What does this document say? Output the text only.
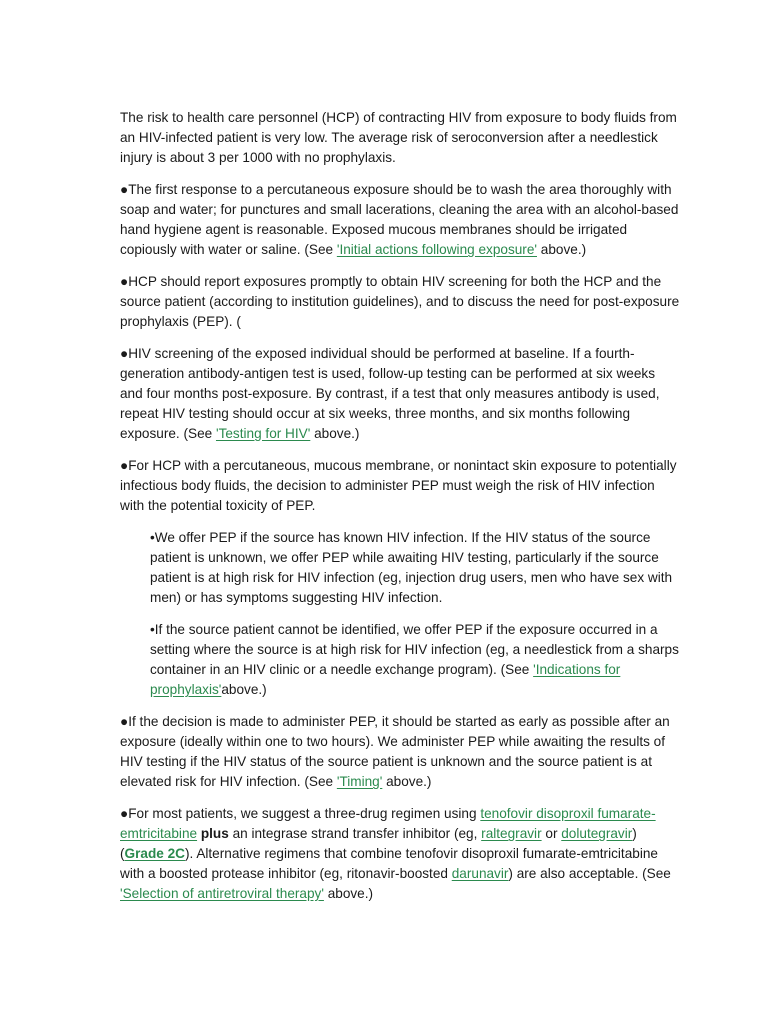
The risk to health care personnel (HCP) of contracting HIV from exposure to body fluids from an HIV-infected patient is very low. The average risk of seroconversion after a needlestick injury is about 3 per 1000 with no prophylaxis.

●The first response to a percutaneous exposure should be to wash the area thoroughly with soap and water; for punctures and small lacerations, cleaning the area with an alcohol-based hand hygiene agent is reasonable. Exposed mucous membranes should be irrigated copiously with water or saline. (See 'Initial actions following exposure' above.)

●HCP should report exposures promptly to obtain HIV screening for both the HCP and the source patient (according to institution guidelines), and to discuss the need for post-exposure prophylaxis (PEP). (

●HIV screening of the exposed individual should be performed at baseline. If a fourth-generation antibody-antigen test is used, follow-up testing can be performed at six weeks and four months post-exposure. By contrast, if a test that only measures antibody is used, repeat HIV testing should occur at six weeks, three months, and six months following exposure. (See 'Testing for HIV' above.)

●For HCP with a percutaneous, mucous membrane, or nonintact skin exposure to potentially infectious body fluids, the decision to administer PEP must weigh the risk of HIV infection with the potential toxicity of PEP.

•We offer PEP if the source has known HIV infection. If the HIV status of the source patient is unknown, we offer PEP while awaiting HIV testing, particularly if the source patient is at high risk for HIV infection (eg, injection drug users, men who have sex with men) or has symptoms suggesting HIV infection.

•If the source patient cannot be identified, we offer PEP if the exposure occurred in a setting where the source is at high risk for HIV infection (eg, a needlestick from a sharps container in an HIV clinic or a needle exchange program). (See 'Indications for prophylaxis'above.)

●If the decision is made to administer PEP, it should be started as early as possible after an exposure (ideally within one to two hours). We administer PEP while awaiting the results of HIV testing if the HIV status of the source patient is unknown and the source patient is at elevated risk for HIV infection. (See 'Timing' above.)

●For most patients, we suggest a three-drug regimen using tenofovir disoproxil fumarate-emtricitabine plus an integrase strand transfer inhibitor (eg, raltegravir or dolutegravir) (Grade 2C). Alternative regimens that combine tenofovir disoproxil fumarate-emtricitabine with a boosted protease inhibitor (eg, ritonavir-boosted darunavir) are also acceptable. (See 'Selection of antiretroviral therapy' above.)
